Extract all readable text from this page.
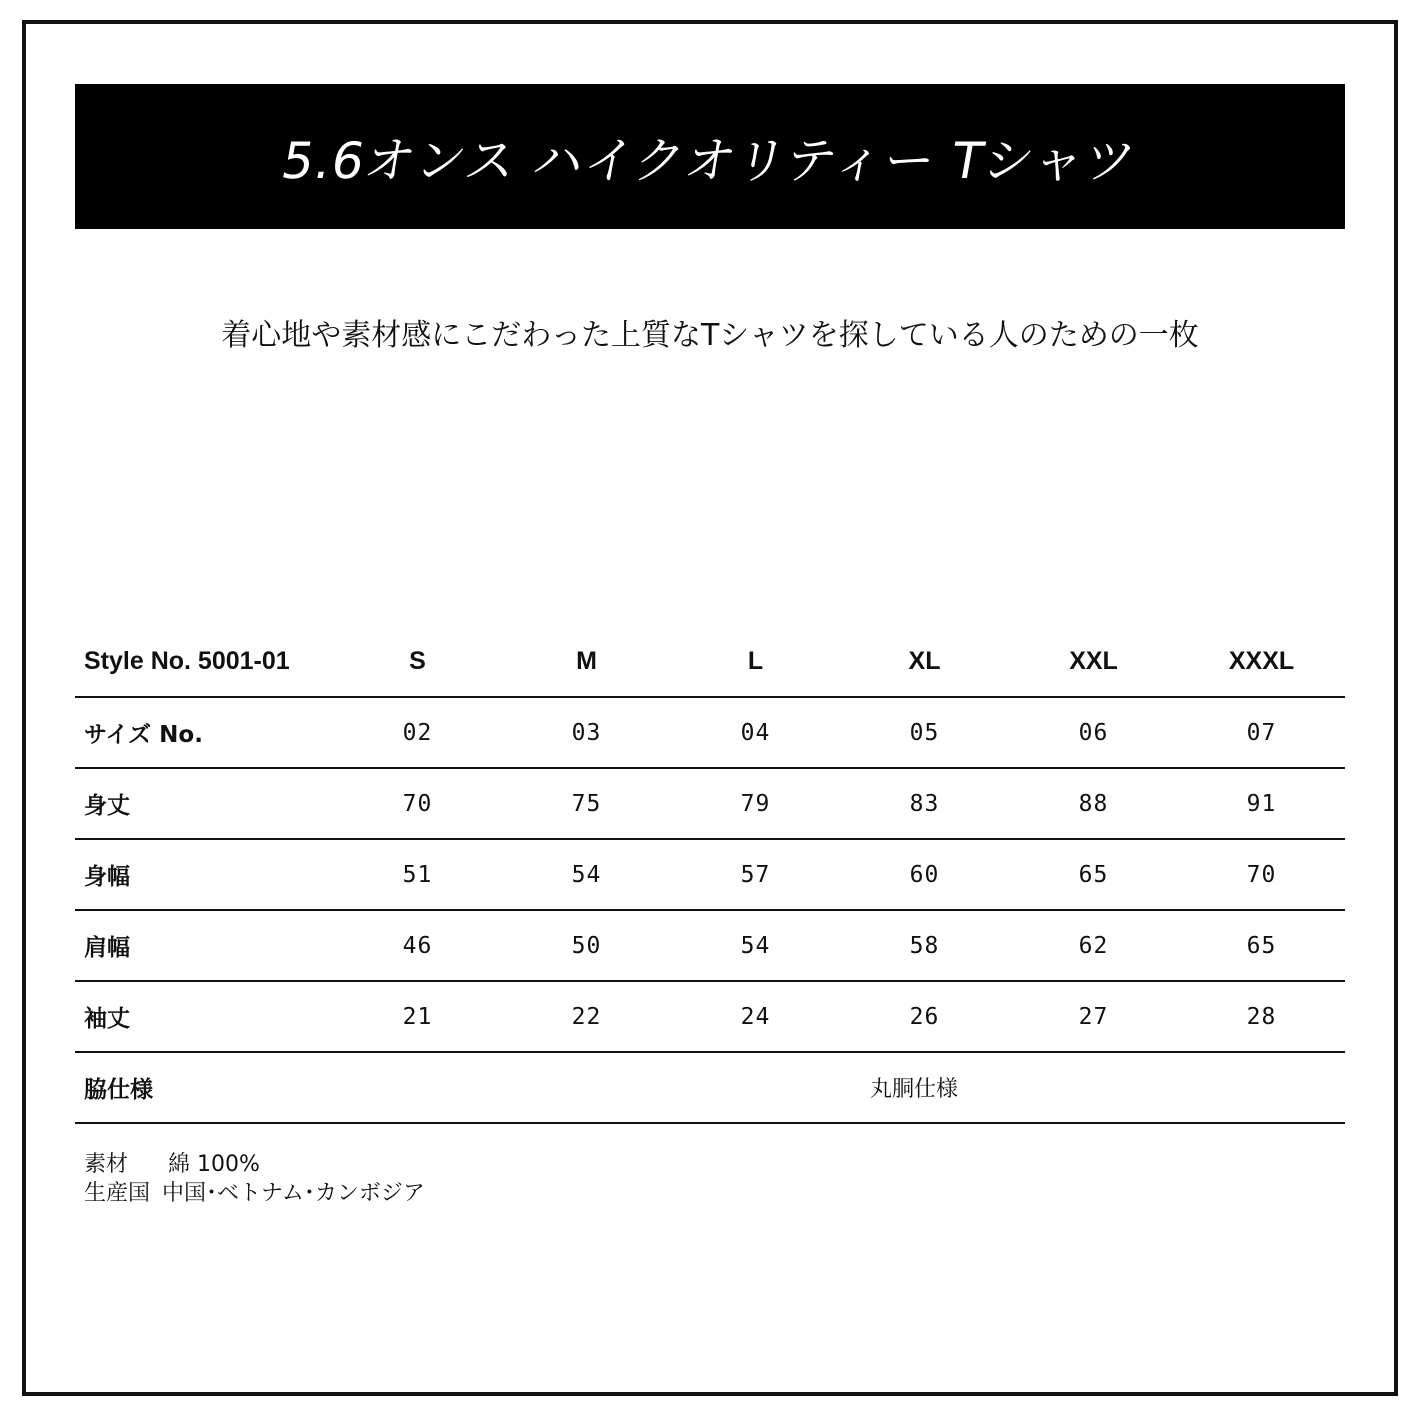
5.6オンス ハイクオリティー Tシャツ
着心地や素材感にこだわった上質なTシャツを探している人のための一枚
Style No. 5001-01	S	M	L	XL	XXL	XXXL
サイズ No.	02	03	04	05	06	07
身丈	70	75	79	83	88	91
身幅	51	54	57	60	65	70
肩幅	46	50	54	58	62	65
袖丈	21	22	24	26	27	28
脇仕様	丸胴仕様					
素材 綿 100%
生産国 中国･ベトナム･カンボジア
